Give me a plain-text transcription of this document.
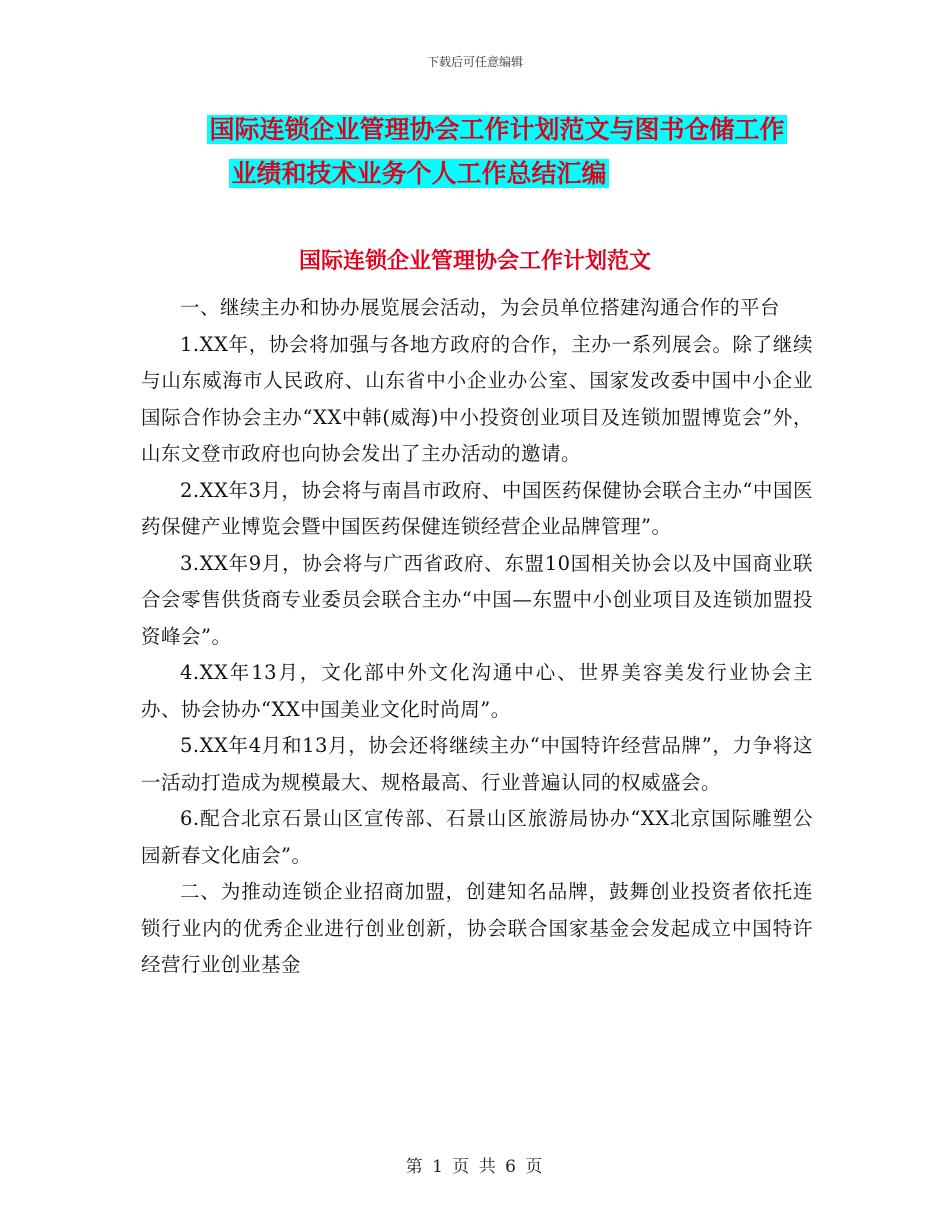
下载后可任意编辑
国际连锁企业管理协会工作计划范文与图书仓储工作
业绩和技术业务个人工作总结汇编
国际连锁企业管理协会工作计划范文

一、继续主办和协办展览展会活动，为会员单位搭建沟通合作的平台

1.XX年，协会将加强与各地方政府的合作，主办一系列展会。除了继续与山东威海市人民政府、山东省中小企业办公室、国家发改委中国中小企业国际合作协会主办“XX中韩(威海)中小投资创业项目及连锁加盟博览会”外，山东文登市政府也向协会发出了主办活动的邀请。

2.XX年3月，协会将与南昌市政府、中国医药保健协会联合主办“中国医药保健产业博览会暨中国医药保健连锁经营企业品牌管理”。

3.XX年9月，协会将与广西省政府、东盟10国相关协会以及中国商业联合会零售供货商专业委员会联合主办“中国—东盟中小创业项目及连锁加盟投资峰会”。

4.XX年13月，文化部中外文化沟通中心、世界美容美发行业协会主办、协会协办“XX中国美业文化时尚周”。

5.XX年4月和13月，协会还将继续主办“中国特许经营品牌”，力争将这一活动打造成为规模最大、规格最高、行业普遍认同的权威盛会。

6.配合北京石景山区宣传部、石景山区旅游局协办“XX北京国际雕塑公园新春文化庙会”。

二、为推动连锁企业招商加盟，创建知名品牌，鼓舞创业投资者依托连锁行业内的优秀企业进行创业创新，协会联合国家基金会发起成立中国特许经营行业创业基金

第 1 页 共 6 页
